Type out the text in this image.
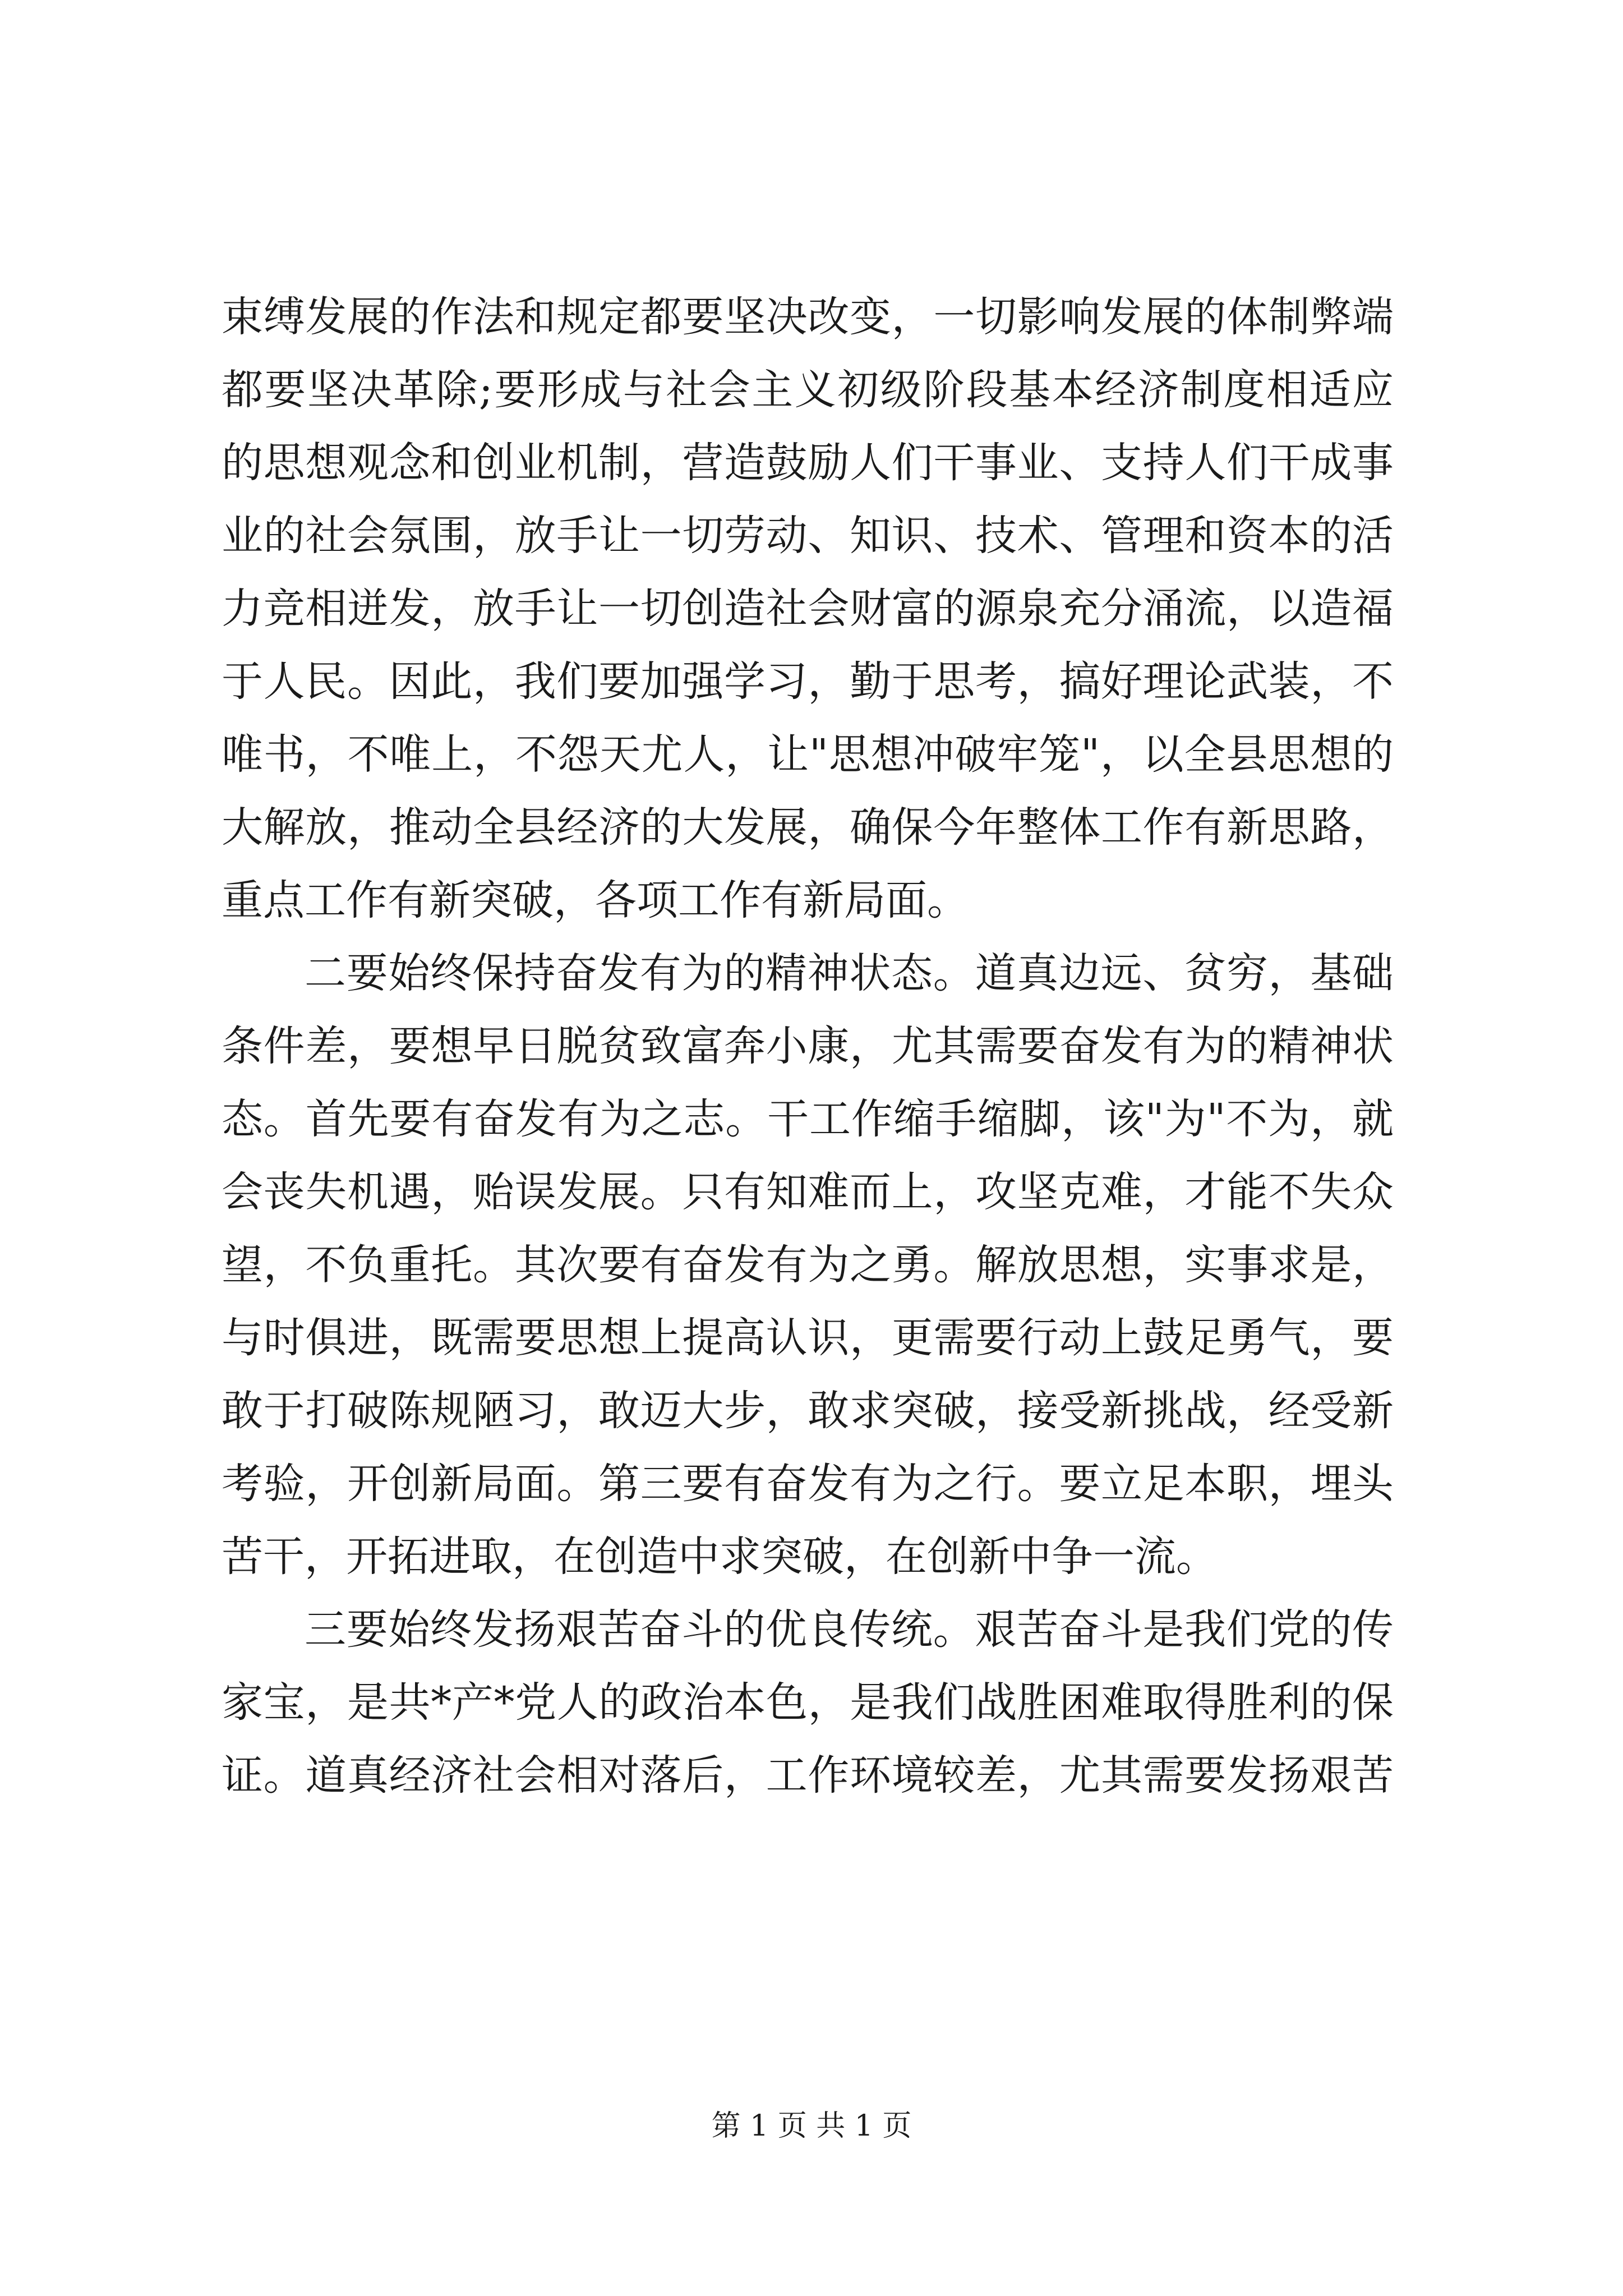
束缚发展的作法和规定都要坚决改变，一切影响发展的体制弊端
都要坚决革除;要形成与社会主义初级阶段基本经济制度相适应
的思想观念和创业机制，营造鼓励人们干事业、支持人们干成事
业的社会氛围，放手让一切劳动、知识、技术、管理和资本的活
力竞相迸发，放手让一切创造社会财富的源泉充分涌流，以造福
于人民。因此，我们要加强学习，勤于思考，搞好理论武装，不
唯书，不唯上，不怨天尤人，让"思想冲破牢笼"，以全县思想的
大解放，推动全县经济的大发展，确保今年整体工作有新思路，
重点工作有新突破，各项工作有新局面。
二要始终保持奋发有为的精神状态。道真边远、贫穷，基础
条件差，要想早日脱贫致富奔小康，尤其需要奋发有为的精神状
态。首先要有奋发有为之志。干工作缩手缩脚，该"为"不为，就
会丧失机遇，贻误发展。只有知难而上，攻坚克难，才能不失众
望，不负重托。其次要有奋发有为之勇。解放思想，实事求是，
与时俱进，既需要思想上提高认识，更需要行动上鼓足勇气，要
敢于打破陈规陋习，敢迈大步，敢求突破，接受新挑战，经受新
考验，开创新局面。第三要有奋发有为之行。要立足本职，埋头
苦干，开拓进取，在创造中求突破，在创新中争一流。
三要始终发扬艰苦奋斗的优良传统。艰苦奋斗是我们党的传
家宝，是共*产*党人的政治本色，是我们战胜困难取得胜利的保
证。道真经济社会相对落后，工作环境较差，尤其需要发扬艰苦
第 1 页 共 1 页
